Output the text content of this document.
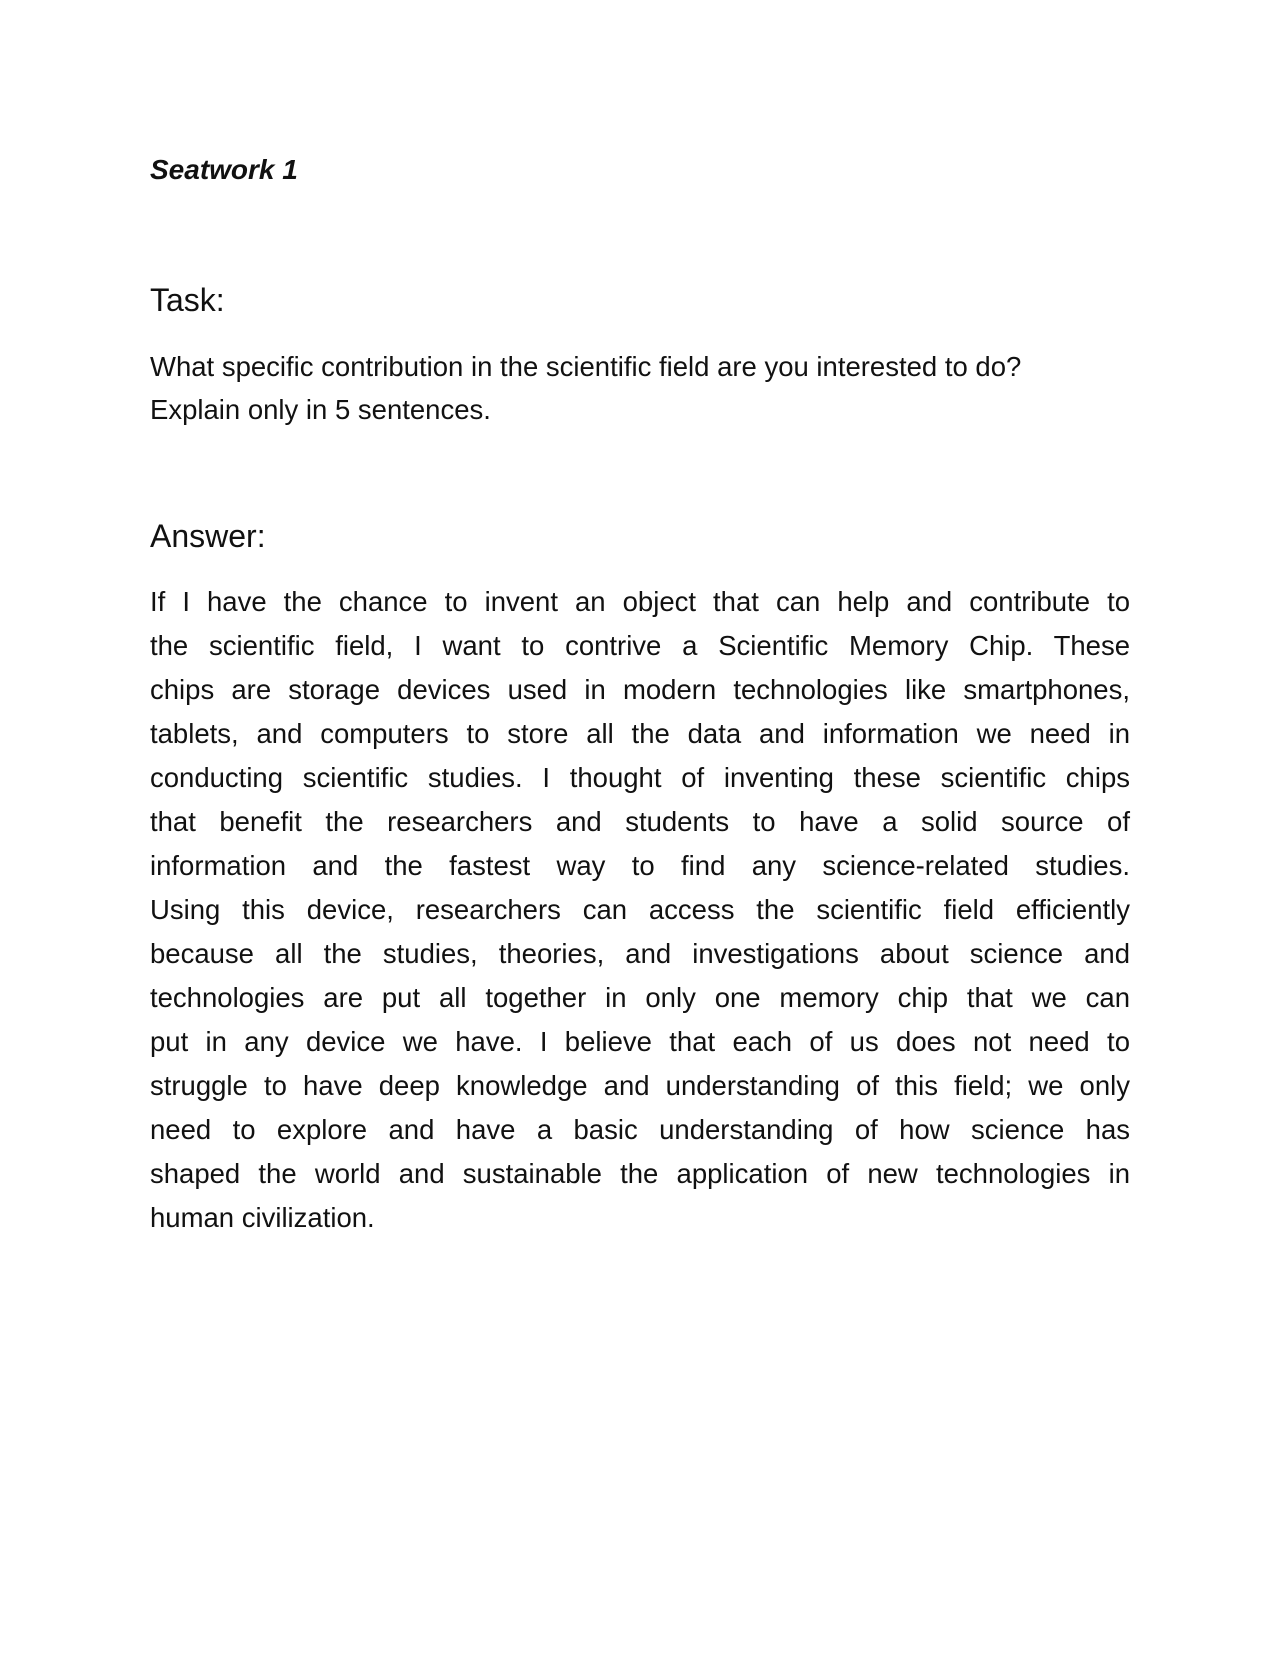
Seatwork 1
Task:

What specific contribution in the scientific field are you interested to do?
Explain only in 5 sentences.

Answer:

If I have the chance to invent an object that can help and contribute to
the scientific field, I want to contrive a Scientific Memory Chip. These
chips are storage devices used in modern technologies like smartphones,
tablets, and computers to store all the data and information we need in
conducting scientific studies. I thought of inventing these scientific chips
that benefit the researchers and students to have a solid source of
information and the fastest way to find any science-related studies.
Using this device, researchers can access the scientific field efficiently
because all the studies, theories, and investigations about science and
technologies are put all together in only one memory chip that we can
put in any device we have. I believe that each of us does not need to
struggle to have deep knowledge and understanding of this field; we only
need to explore and have a basic understanding of how science has
shaped the world and sustainable the application of new technologies in
human civilization.
